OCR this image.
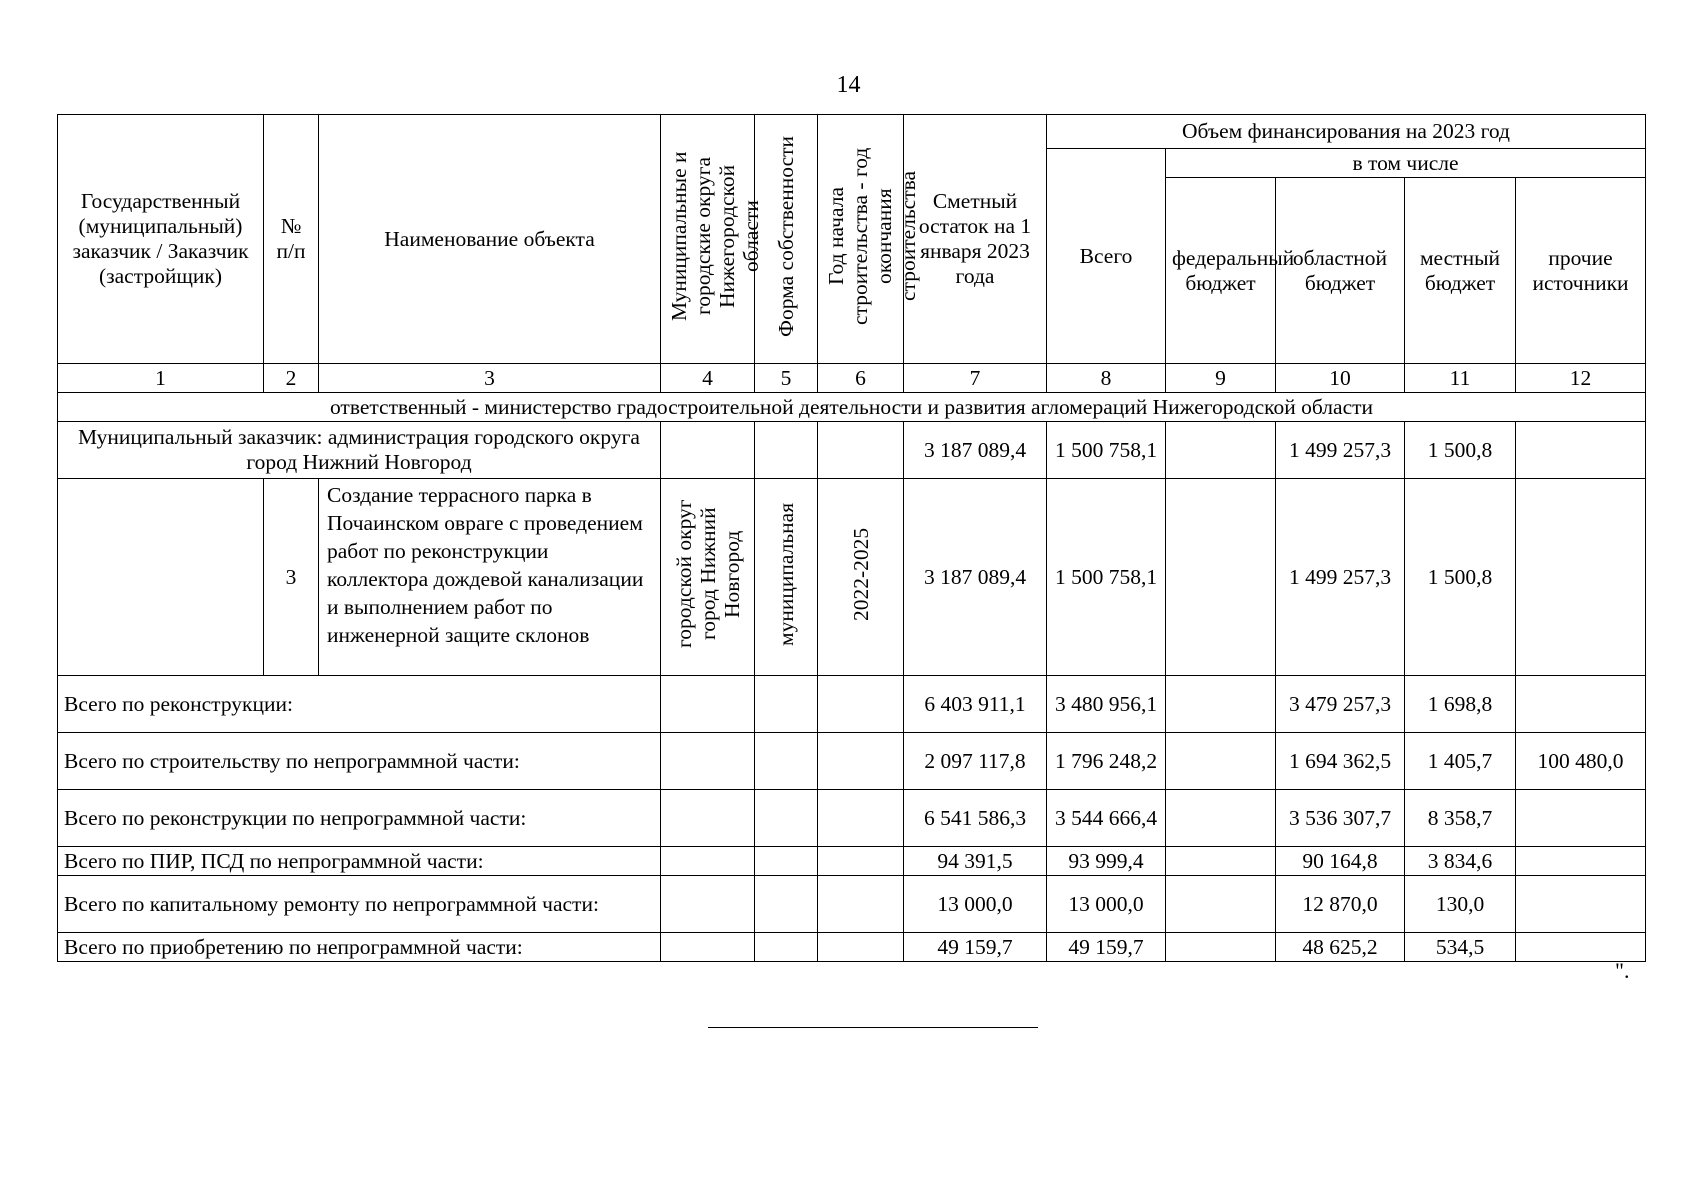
14
Государственный (муниципальный) заказчик / Заказчик (застройщик)	№ п/п	Наименование объекта	Муниципальные и городские округа Нижегородской области	Форма собственности	Год начала строительства - год окончания строительства	Сметный остаток на 1 января 2023 года	Объем финансирования на 2023 год				
							Всего	в том числе			
								федеральный бюджет	областной бюджет	местный бюджет	прочие источники
1	2	3	4	5	6	7	8	9	10	11	12
ответственный - министерство градостроительной деятельности и развития агломераций Нижегородской области											
Муниципальный заказчик: администрация городского округа город Нижний Новгород						3 187 089,4	1 500 758,1		1 499 257,3	1 500,8	
	3	Создание террасного парка в Почаинском овраге с проведением работ по реконструкции коллектора дождевой канализации и выполнением работ по инженерной защите склонов	городской округ город Нижний Новгород	муниципальная	2022-2025	3 187 089,4	1 500 758,1		1 499 257,3	1 500,8	
Всего по реконструкции:						6 403 911,1	3 480 956,1		3 479 257,3	1 698,8	
Всего по строительству по непрограммной части:						2 097 117,8	1 796 248,2		1 694 362,5	1 405,7	100 480,0
Всего по реконструкции по непрограммной части:						6 541 586,3	3 544 666,4		3 536 307,7	8 358,7	
Всего по ПИР, ПСД по непрограммной части:						94 391,5	93 999,4		90 164,8	3 834,6	
Всего по капитальному ремонту по непрограммной части:						13 000,0	13 000,0		12 870,0	130,0	
Всего по приобретению по непрограммной части:						49 159,7	49 159,7		48 625,2	534,5	
".
